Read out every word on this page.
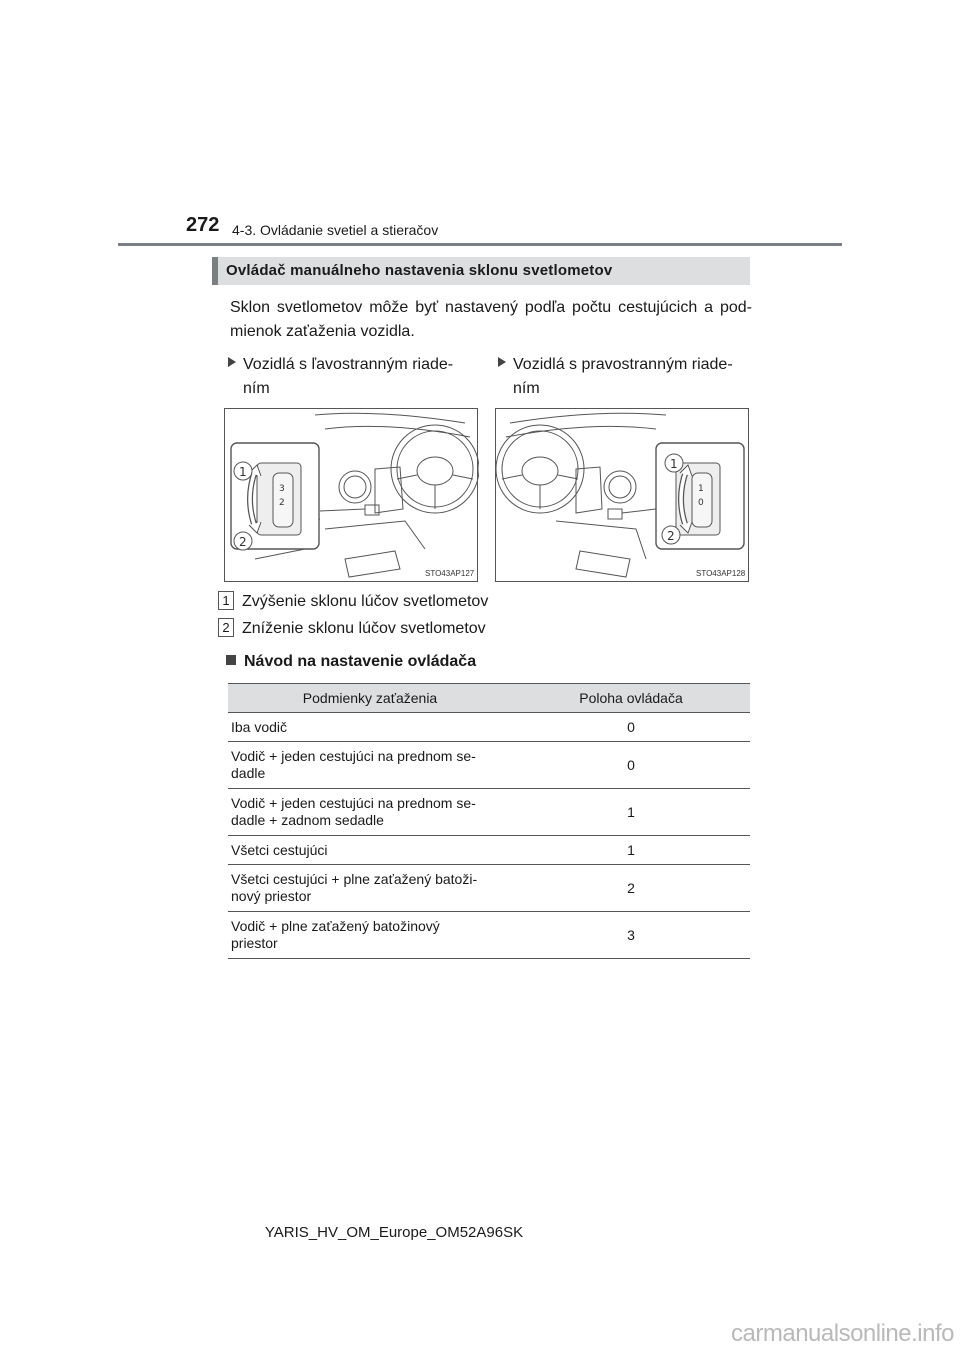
272 4-3. Ovládanie svetiel a stieračov
Ovládač manuálneho nastavenia sklonu svetlometov
Sklon svetlometov môže byť nastavený podľa počtu cestujúcich a pod-mienok zaťaženia vozidla.
Vozidlá s ľavostranným riade-
ním
Vozidlá s pravostranným riade-
ním
3
2
1
2
STO43AP127
1
0
1
2
STO43AP128
1 Zvýšenie sklonu lúčov svetlometov
2 Zníženie sklonu lúčov svetlometov
Návod na nastavenie ovládača
Podmienky zaťaženia	Poloha ovládača

Iba vodič	0

Vodič + jeden cestujúci na prednom se-
dadle	0

Vodič + jeden cestujúci na prednom se-
dadle + zadnom sedadle	1

Všetci cestujúci	1

Všetci cestujúci + plne zaťažený batoži-
nový priestor	2

Vodič + plne zaťažený batožinový
priestor	3
YARIS_HV_OM_Europe_OM52A96SK
carmanualsonline.info
